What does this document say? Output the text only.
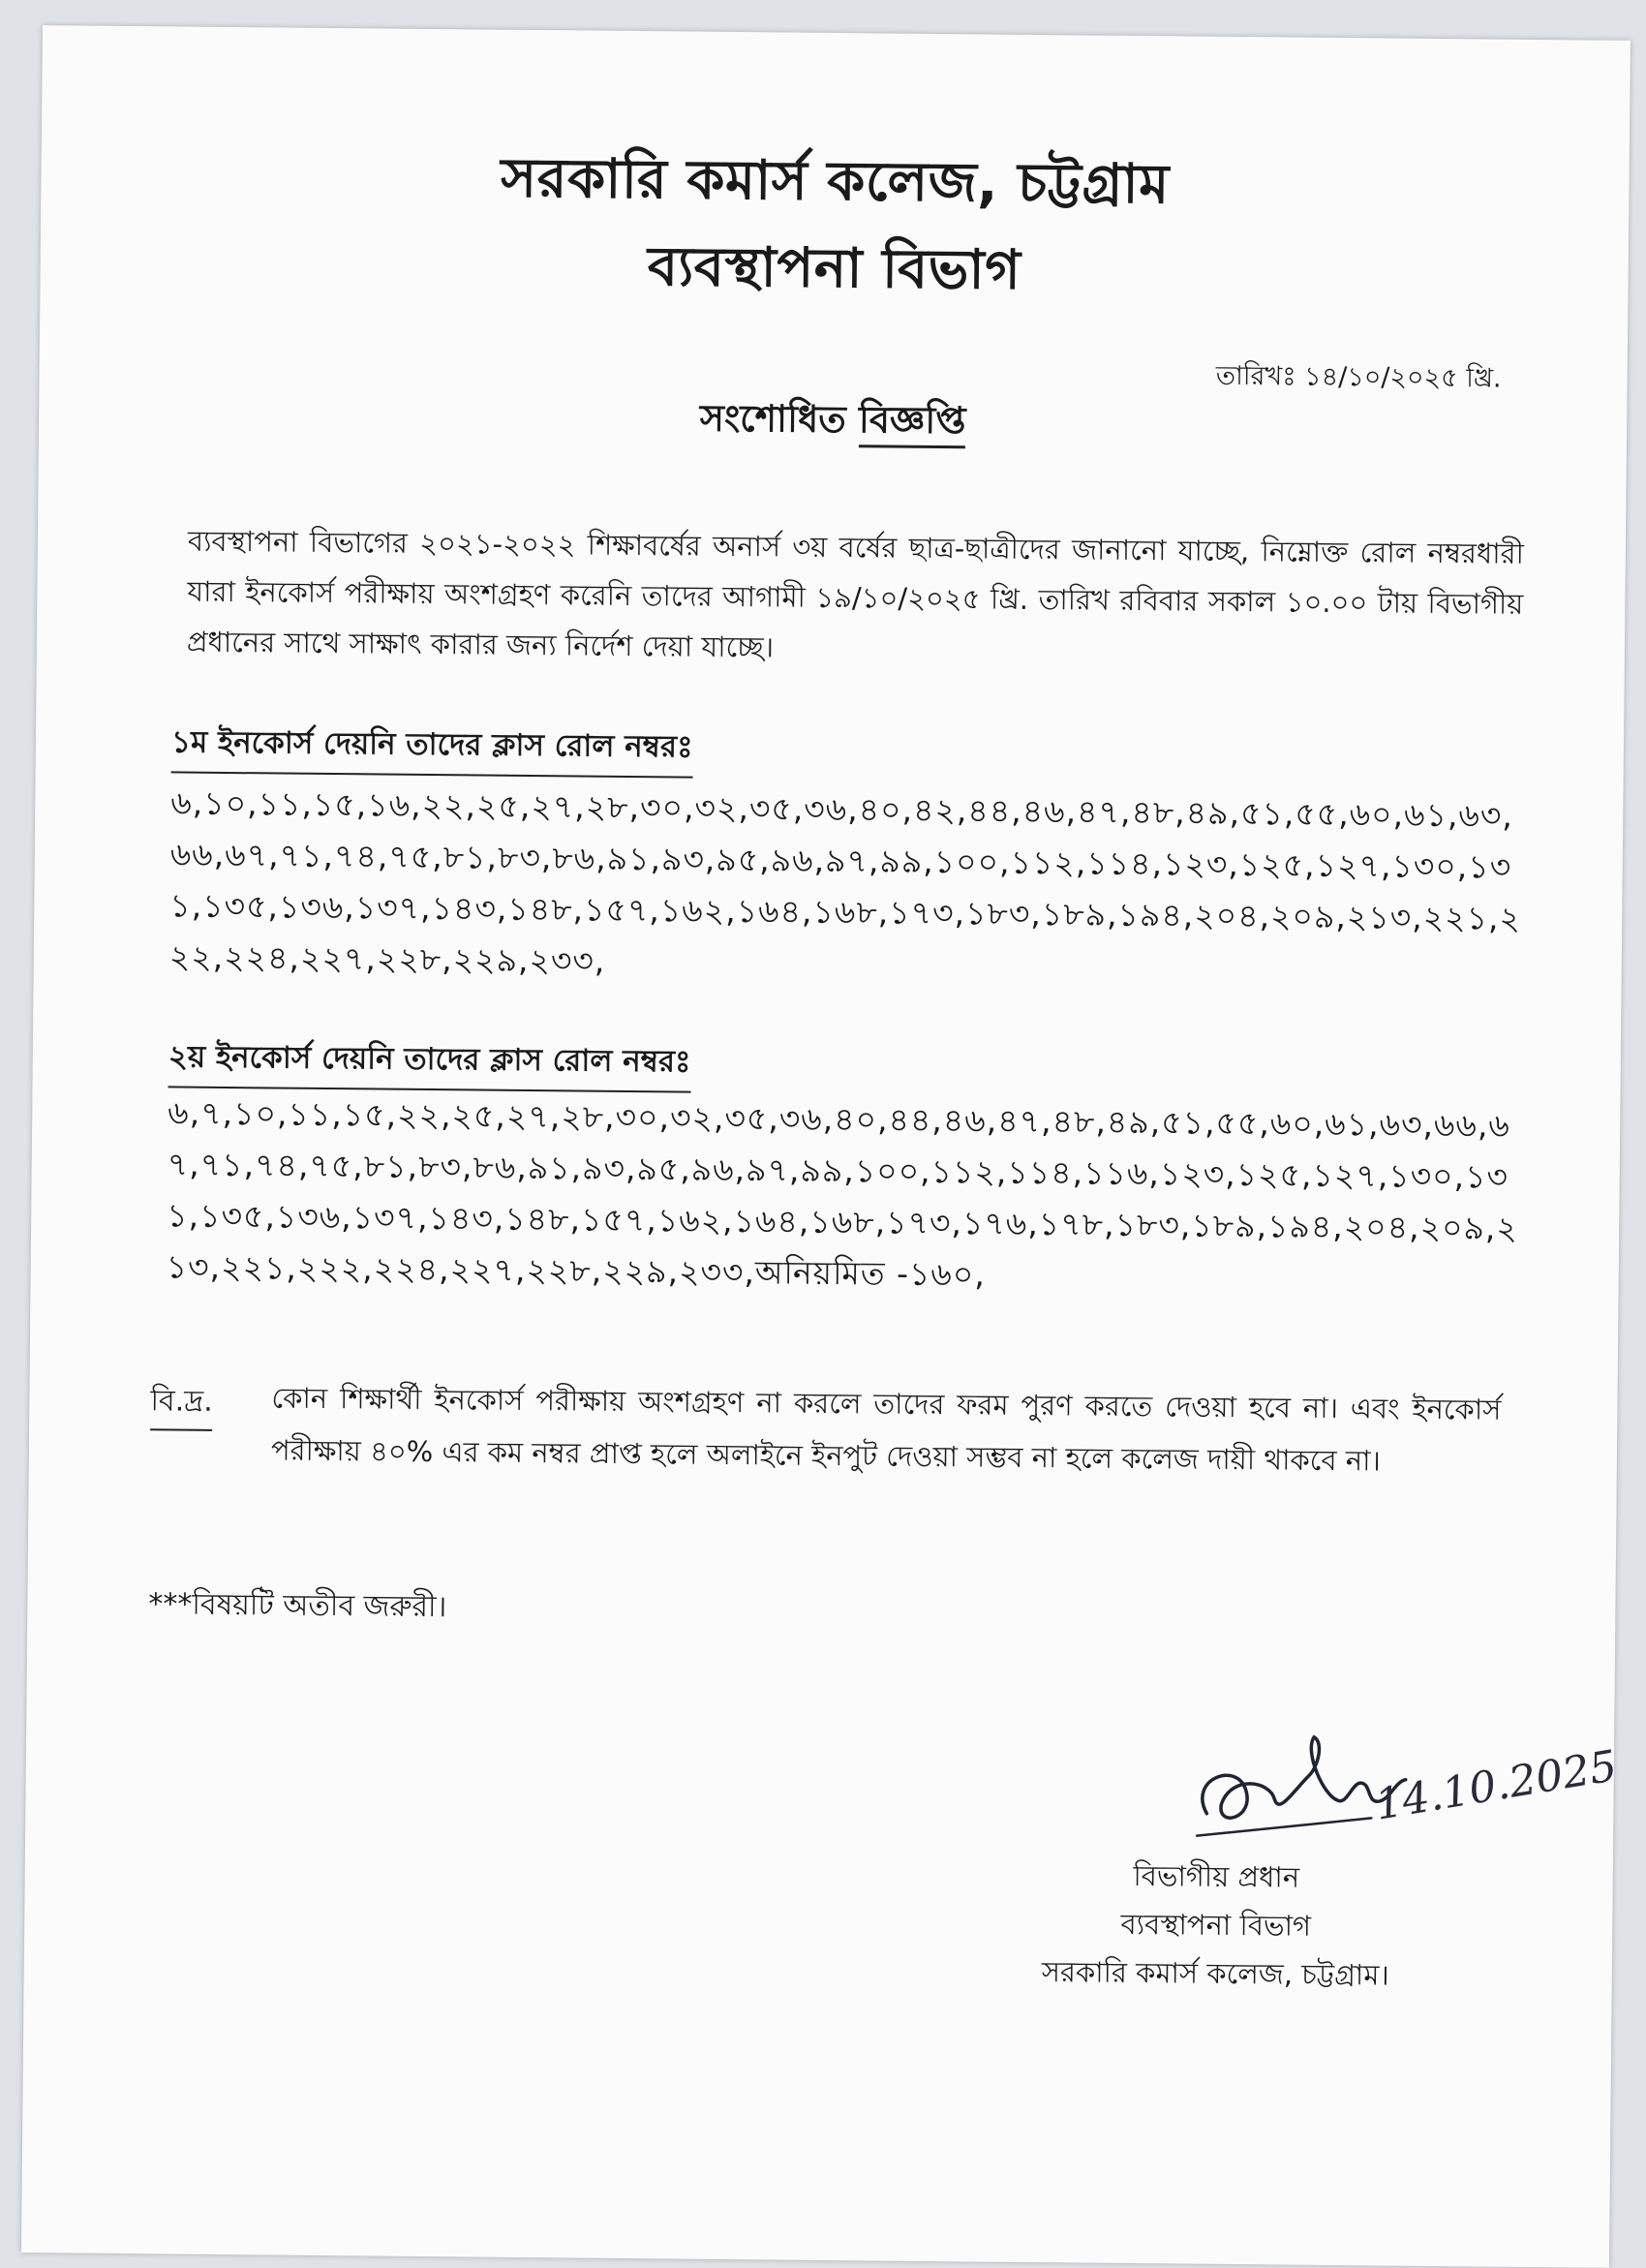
সরকারি কমার্স কলেজ, চট্টগ্রাম
ব্যবস্থাপনা বিভাগ
তারিখঃ ১৪/১০/২০২৫ খ্রি.
সংশোধিত বিজ্ঞপ্তি
ব্যবস্থাপনা বিভাগের ২০২১-২০২২ শিক্ষাবর্ষের অনার্স ৩য় বর্ষের ছাত্র-ছাত্রীদের জানানো যাচ্ছে, নিম্নোক্ত রোল নম্বরধারী যারা ইনকোর্স পরীক্ষায় অংশগ্রহণ করেনি তাদের আগামী ১৯/১০/২০২৫ খ্রি. তারিখ রবিবার সকাল ১০.০০ টায় বিভাগীয় প্রধানের সাথে সাক্ষাৎ কারার জন্য নির্দেশ দেয়া যাচ্ছে।
১ম ইনকোর্স দেয়নি তাদের ক্লাস রোল নম্বরঃ
৬,১০,১১,১৫,১৬,২২,২৫,২৭,২৮,৩০,৩২,৩৫,৩৬,৪০,৪২,৪৪,৪৬,৪৭,৪৮,৪৯,৫১,৫৫,৬০,৬১,৬৩,৬৬,৬৭,৭১,৭৪,৭৫,৮১,৮৩,৮৬,৯১,৯৩,৯৫,৯৬,৯৭,৯৯,১০০,১১২,১১৪,১২৩,১২৫,১২৭,১৩০,১৩১,১৩৫,১৩৬,১৩৭,১৪৩,১৪৮,১৫৭,১৬২,১৬৪,১৬৮,১৭৩,১৮৩,১৮৯,১৯৪,২০৪,২০৯,২১৩,২২১,২২২,২২৪,২২৭,২২৮,২২৯,২৩৩,
২য় ইনকোর্স দেয়নি তাদের ক্লাস রোল নম্বরঃ
৬,৭,১০,১১,১৫,২২,২৫,২৭,২৮,৩০,৩২,৩৫,৩৬,৪০,৪৪,৪৬,৪৭,৪৮,৪৯,৫১,৫৫,৬০,৬১,৬৩,৬৬,৬৭,৭১,৭৪,৭৫,৮১,৮৩,৮৬,৯১,৯৩,৯৫,৯৬,৯৭,৯৯,১০০,১১২,১১৪,১১৬,১২৩,১২৫,১২৭,১৩০,১৩১,১৩৫,১৩৬,১৩৭,১৪৩,১৪৮,১৫৭,১৬২,১৬৪,১৬৮,১৭৩,১৭৬,১৭৮,১৮৩,১৮৯,১৯৪,২০৪,২০৯,২১৩,২২১,২২২,২২৪,২২৭,২২৮,২২৯,২৩৩,অনিয়মিত -১৬০,
বি.দ্র. কোন শিক্ষার্থী ইনকোর্স পরীক্ষায় অংশগ্রহণ না করলে তাদের ফরম পুরণ করতে দেওয়া হবে না। এবং ইনকোর্স পরীক্ষায় ৪০% এর কম নম্বর প্রাপ্ত হলে অলাইনে ইনপুট দেওয়া সম্ভব না হলে কলেজ দায়ী থাকবে না।
***বিষয়টি অতীব জরুরী।
14.10.2025
বিভাগীয় প্রধান
ব্যবস্থাপনা বিভাগ
সরকারি কমার্স কলেজ, চট্টগ্রাম।
